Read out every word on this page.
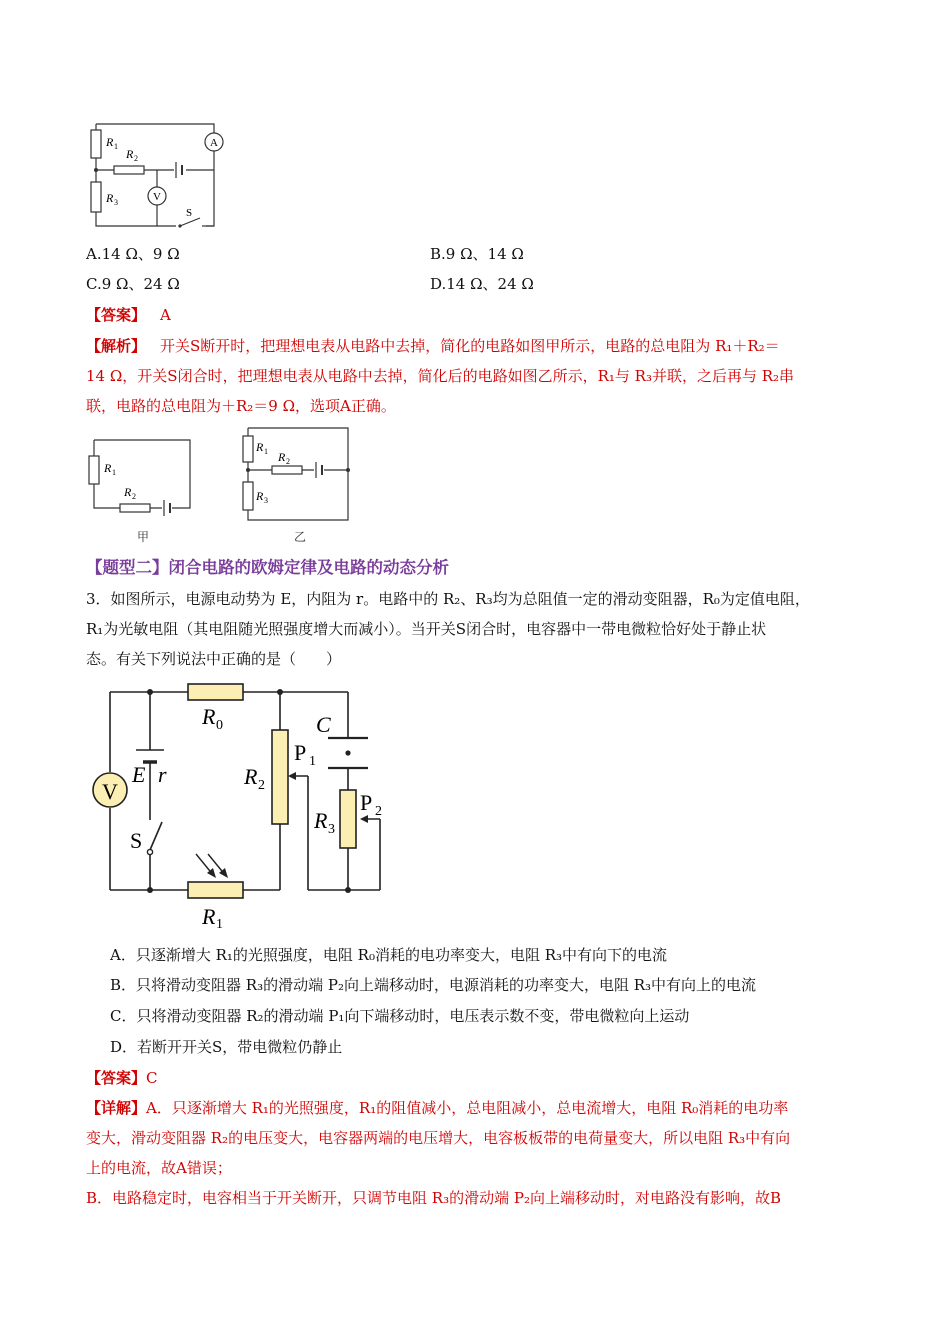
R 1
R 2
R 3
A
V
S
A.14 Ω、9 Ω	B.9 Ω、14 Ω
C.9 Ω、24 Ω	D.14 Ω、24 Ω
【答案】 A
【解析】 开关S断开时，把理想电表从电路中去掉，简化的电路如图甲所示，电路的总电阻为 R₁＋R₂＝
14 Ω，开关S闭合时，把理想电表从电路中去掉，简化后的电路如图乙所示，R₁与 R₃并联，之后再与 R₂串
联，电路的总电阻为＋R₂＝9 Ω，选项A正确。
R 1
R 2
甲
R 1 R 2
R 3
乙
【题型二】闭合电路的欧姆定律及电路的动态分析
3．如图所示，电源电动势为 E，内阻为 r。电路中的 R₂、R₃均为总阻值一定的滑动变阻器，R₀为定值电阻，
R₁为光敏电阻（其电阻随光照强度增大而减小）。当开关S闭合时，电容器中一带电微粒恰好处于静止状
态。有关下列说法中正确的是（　　）
V
E r
S
R 0
R 1
R 2
P 1
C
R 3
P 2
A．只逐渐增大 R₁的光照强度，电阻 R₀消耗的电功率变大，电阻 R₃中有向下的电流
B．只将滑动变阻器 R₃的滑动端 P₂向上端移动时，电源消耗的功率变大，电阻 R₃中有向上的电流
C．只将滑动变阻器 R₂的滑动端 P₁向下端移动时，电压表示数不变，带电微粒向上运动
D．若断开开关S，带电微粒仍静止
【答案】C
【详解】A．只逐渐增大 R₁的光照强度，R₁的阻值减小，总电阻减小，总电流增大，电阻 R₀消耗的电功率
变大，滑动变阻器 R₂的电压变大，电容器两端的电压增大，电容板板带的电荷量变大，所以电阻 R₃中有向
上的电流，故A错误；
B．电路稳定时，电容相当于开关断开，只调节电阻 R₃的滑动端 P₂向上端移动时，对电路没有影响，故B
